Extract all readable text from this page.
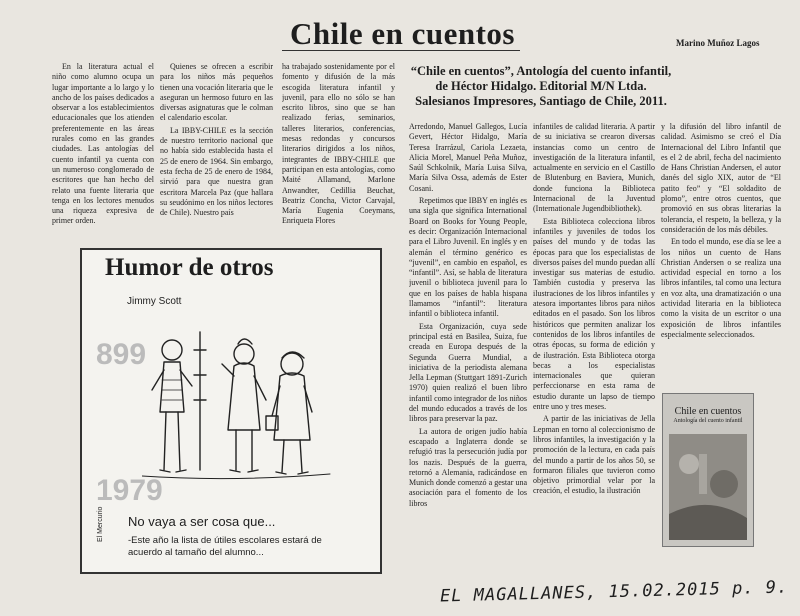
Chile en cuentos	Marino Muñoz Lagos

En la literatura actual el niño como alumno ocupa un lugar importante a lo largo y lo ancho de los países dedicados a observar a los establecimientos educacionales que los atienden preferentemente en las áreas rurales como en las grandes ciudades. Las antologías del cuento infantil ya cuenta con un numeroso conglomerado de escritores que han hecho del relato una fuente literaria que tenga en los lectores menudos una riqueza expresiva de primer orden.

Quienes se ofrecen a escribir para los niños más pequeños tienen una vocación literaria que le aseguran un hermoso futuro en las diversas asignaturas que le colman el calendario escolar.

La IBBY-CHILE es la sección de nuestro territorio nacional que no había sido establecida hasta el 25 de enero de 1964. Sin embargo, esta fecha de 25 de enero de 1984, sirvió para que nuestra gran escritora Marcela Paz (que hallara su seudónimo en los niños lectores de Chile). Nuestro país

ha trabajado sostenidamente por el fomento y difusión de la más escogida literatura infantil y juvenil, para ello no sólo se han escrito libros, sino que se han realizado ferias, seminarios, talleres literarios, conferencias, mesas redondas y concursos literarios dirigidos a los niños, integrantes de IBBY-CHILE que participan en esta antologías, como Maité Allamand, Marlone Anwandter, Cedillia Beuchat, Beatriz Concha, Victor Carvajal, María Eugenia Coeymans, Enriqueta Flores

“Chile en cuentos”, Antología del cuento infantil, de Héctor Hidalgo. Editorial M/N Ltda. Salesianos Impresores, Santiago de Chile, 2011.

Arredondo, Manuel Gallegos, Lucía Gevert, Héctor Hidalgo, María Teresa Irarrázul, Cariola Lezaeta, Alicia Morel, Manuel Peña Muñoz, Saúl Schkolnik, María Luisa Silva, María Silva Ossa, además de Ester Cosani.

Repetimos que IBBY en inglés es una sigla que significa International Board on Books for Young People, es decir: Organización Internacional para el Libro Juvenil. En inglés y en alemán el término genérico es “juvenil”, en cambio en español, es “infantil”. Así, se habla de literatura juvenil o biblioteca juvenil para lo que en los países de habla hispana llamamos “infantil”: literatura infantil o biblioteca infantil.

Esta Organización, cuya sede principal está en Basilea, Suiza, fue creada en Europa después de la Segunda Guerra Mundial, a iniciativa de la periodista alemana Jella Lepman (Stuttgart 1891-Zurich 1970) quien realizó el buen libro infantil como integrador de los niños del mundo educados a través de los libros para preservar la paz.

La autora de origen judío había escapado a Inglaterra donde se refugió tras la persecución judía por los nazis. Después de la guerra, retornó a Alemania, radicándose en Munich donde comenzó a gestar una asociación para el fomento de los libros

infantiles de calidad literaria. A partir de su iniciativa se crearon diversas instancias como un centro de investigación de la literatura infantil, actualmente en servicio en el Castillo de Blutenburg en Baviera, Munich, donde funciona la Biblioteca Internacional de la Juventud (Internationale Jugendbibliothek).

Esta Biblioteca colecciona libros infantiles y juveniles de todos los países del mundo y de todas las épocas para que los especialistas de diversos países del mundo puedan allí investigar sus materias de estudio. También custodia y preserva las ilustraciones de los libros infantiles y atesora importantes libros para niños editados en el pasado. Son los libros históricos que permiten analizar los contenidos de los libros infantiles de otras épocas, su forma de edición y de ilustración. Esta Biblioteca otorga becas a los especialistas internacionales que quieran perfeccionarse en esta rama de estudio durante un lapso de tiempo entre uno y tres meses.

A partir de las iniciativas de Jella Lepman en torno al coleccionismo de libros infantiles, la investigación y la promoción de la lectura, en cada país del mundo a partir de los años 50, se formaron filiales que tuvieron como objetivo primordial velar por la creación, el estudio, la ilustración

y la difusión del libro infantil de calidad. Asimismo se creó el Día Internacional del Libro Infantil que es el 2 de abril, fecha del nacimiento de Hans Christian Andersen, el autor danés del siglo XIX, autor de “El patito feo” y “El soldadito de plomo”, entre otros cuentos, que promovió en sus obras literarias la tolerancia, el respeto, la belleza, y la consideración de los más débiles.

En todo el mundo, ese día se lee a los niños un cuento de Hans Christian Andersen o se realiza una actividad especial en torno a los libros infantiles, tal como una lectura en voz alta, una dramatización o una actividad literaria en la biblioteca como la visita de un escritor o una exposición de libros infantiles especialmente seleccionados.

Humor de otros
Jimmy Scott
899
1979
No vaya a ser cosa que...
-Este año la lista de útiles escolares estará de acuerdo al tamaño del alumno...
El Mercurio
Chile en cuentos
Antología del cuento infantil
EL MAGALLANES, 15.02.2015 p. 9.
